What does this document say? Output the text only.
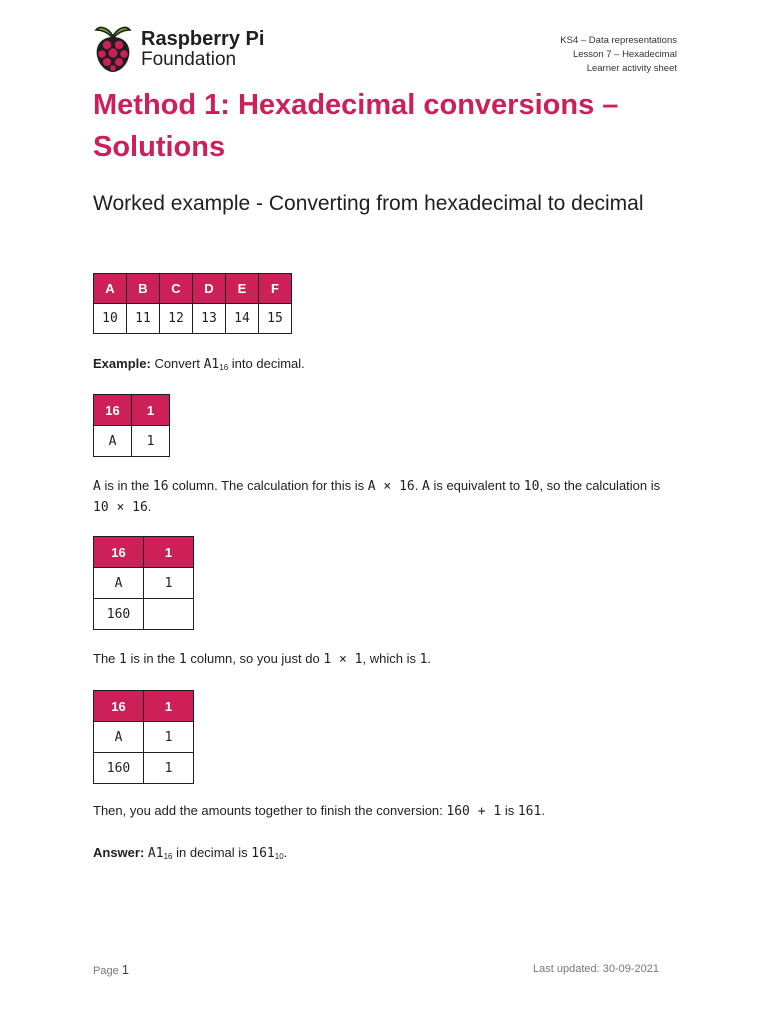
Raspberry Pi
Foundation
KS4 – Data representations
Lesson 7 – Hexadecimal
Learner activity sheet
Method 1: Hexadecimal conversions – Solutions
Worked example - Converting from hexadecimal to decimal
A	B	C	D	E	F
10	11	12	13	14	15
Example: Convert $A1_{16}$ into decimal.
16	1
A	1
A is in the 16 column. The calculation for this is A × 16. A is equivalent to 10, so the calculation is 10 × 16.
16	1
A	1
160	
The 1 is in the 1 column, so you just do 1 × 1, which is 1.
16	1
A	1
160	1
Then, you add the amounts together to finish the conversion: 160 + 1 is 161.
Answer: $A1_{16}$ in decimal is $161_{10}$.
Page 1	Last updated: 30-09-2021
